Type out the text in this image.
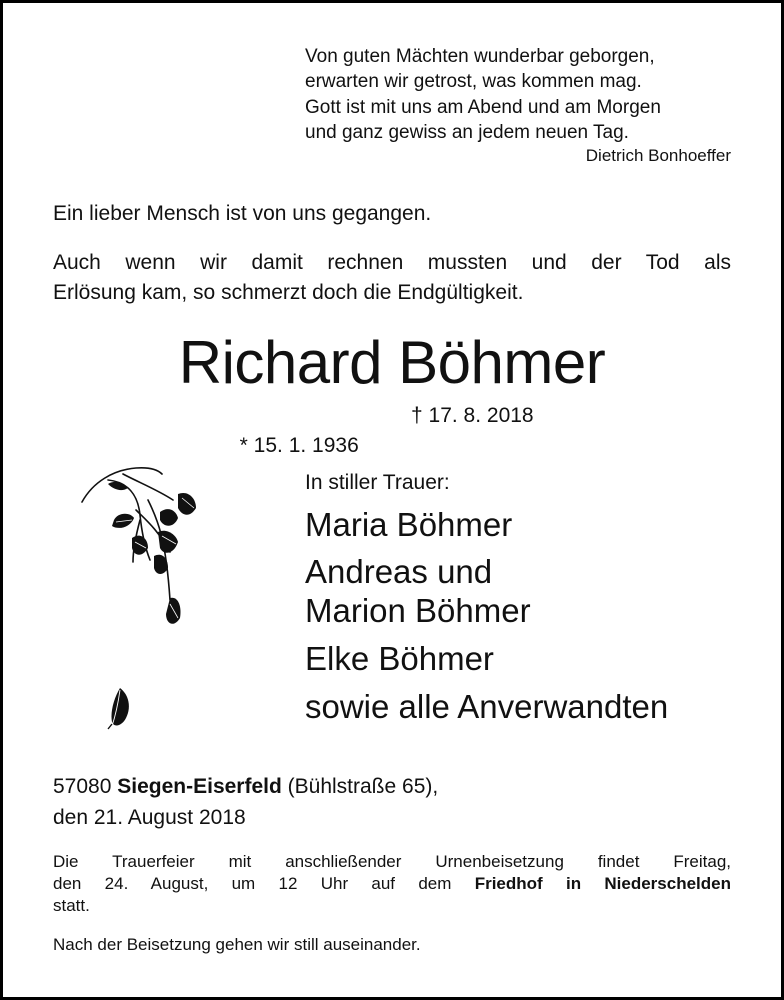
Von guten Mächten wunderbar geborgen,
erwarten wir getrost, was kommen mag.
Gott ist mit uns am Abend und am Morgen
und ganz gewiss an jedem neuen Tag.
Dietrich Bonhoeffer
Ein lieber Mensch ist von uns gegangen.
Auch wenn wir damit rechnen mussten und der Tod als
Erlösung kam, so schmerzt doch die Endgültigkeit.
Richard Böhmer

* 15. 1. 1936

† 17. 8. 2018

In stiller Trauer:
Maria Böhmer
Andreas und
Marion Böhmer
Elke Böhmer
sowie alle Anverwandten
57080 Siegen-Eiserfeld (Bühlstraße 65),
den 21. August 2018
Die Trauerfeier mit anschließender Urnenbeisetzung findet Freitag,
den 24. August, um 12 Uhr auf dem Friedhof in Niederschelden
statt.
Nach der Beisetzung gehen wir still auseinander.
